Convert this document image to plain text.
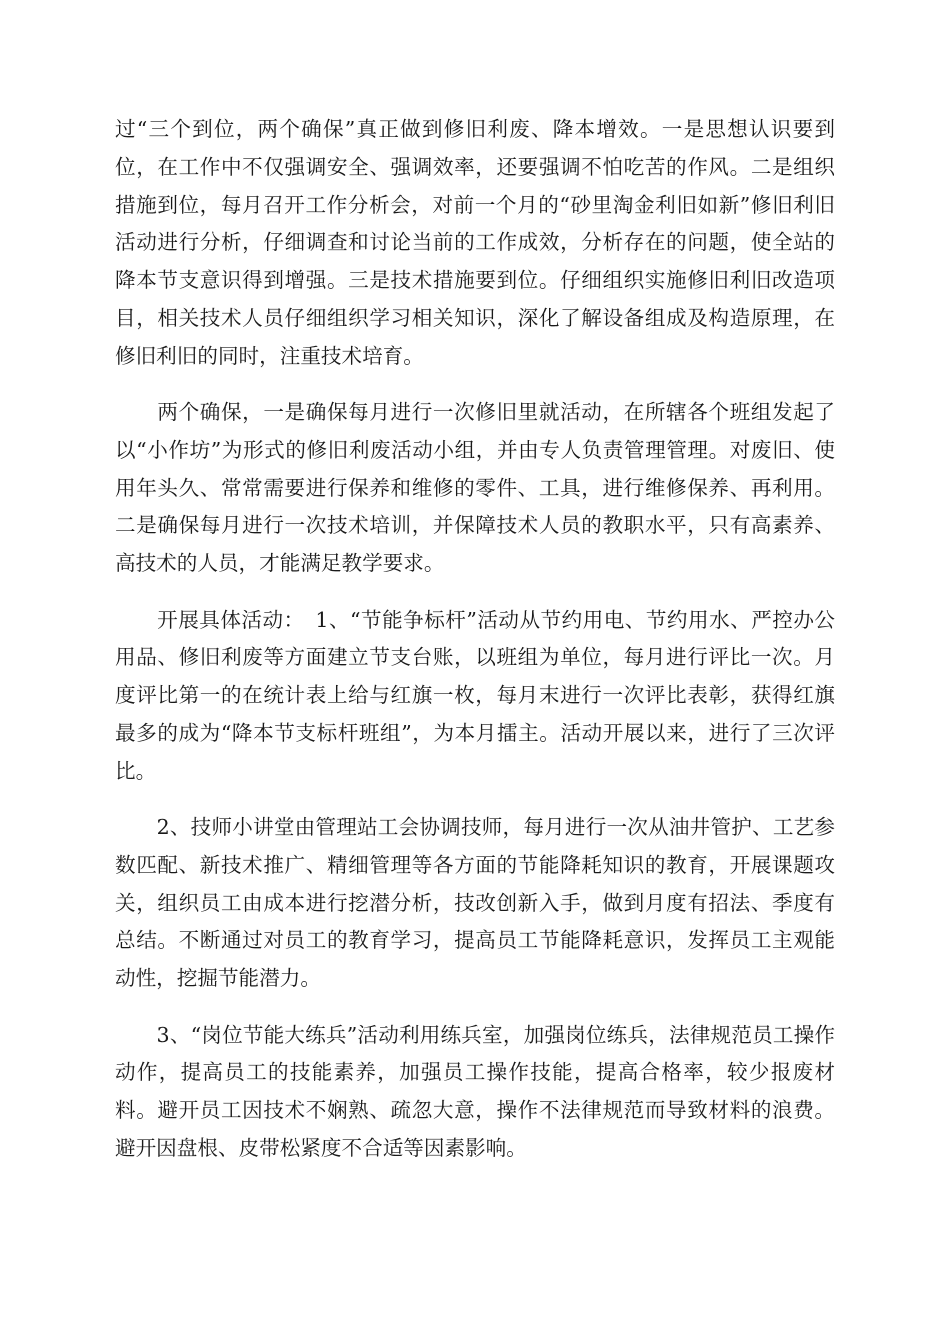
过“三个到位，两个确保”真正做到修旧利废、降本增效。一是思想认识要到位，在工作中不仅强调安全、强调效率，还要强调不怕吃苦的作风。二是组织措施到位，每月召开工作分析会，对前一个月的“砂里淘金利旧如新”修旧利旧活动进行分析，仔细调查和讨论当前的工作成效，分析存在的问题，使全站的降本节支意识得到增强。三是技术措施要到位。仔细组织实施修旧利旧改造项目，相关技术人员仔细组织学习相关知识，深化了解设备组成及构造原理，在修旧利旧的同时，注重技术培育。

　　两个确保，一是确保每月进行一次修旧里就活动，在所辖各个班组发起了以“小作坊”为形式的修旧利废活动小组，并由专人负责管理管理。对废旧、使用年头久、常常需要进行保养和维修的零件、工具，进行维修保养、再利用。二是确保每月进行一次技术培训，并保障技术人员的教职水平，只有高素养、高技术的人员，才能满足教学要求。

　　开展具体活动：　1、“节能争标杆”活动从节约用电、节约用水、严控办公用品、修旧利废等方面建立节支台账，以班组为单位，每月进行评比一次。月度评比第一的在统计表上给与红旗一枚，每月末进行一次评比表彰，获得红旗最多的成为“降本节支标杆班组”，为本月擂主。活动开展以来，进行了三次评比。

　　2、技师小讲堂由管理站工会协调技师，每月进行一次从油井管护、工艺参数匹配、新技术推广、精细管理等各方面的节能降耗知识的教育，开展课题攻关，组织员工由成本进行挖潜分析，技改创新入手，做到月度有招法、季度有总结。不断通过对员工的教育学习，提高员工节能降耗意识，发挥员工主观能动性，挖掘节能潜力。

　　3、“岗位节能大练兵”活动利用练兵室，加强岗位练兵，法律规范员工操作动作，提高员工的技能素养，加强员工操作技能，提高合格率，较少报废材料。避开员工因技术不娴熟、疏忽大意，操作不法律规范而导致材料的浪费。避开因盘根、皮带松紧度不合适等因素影响。
